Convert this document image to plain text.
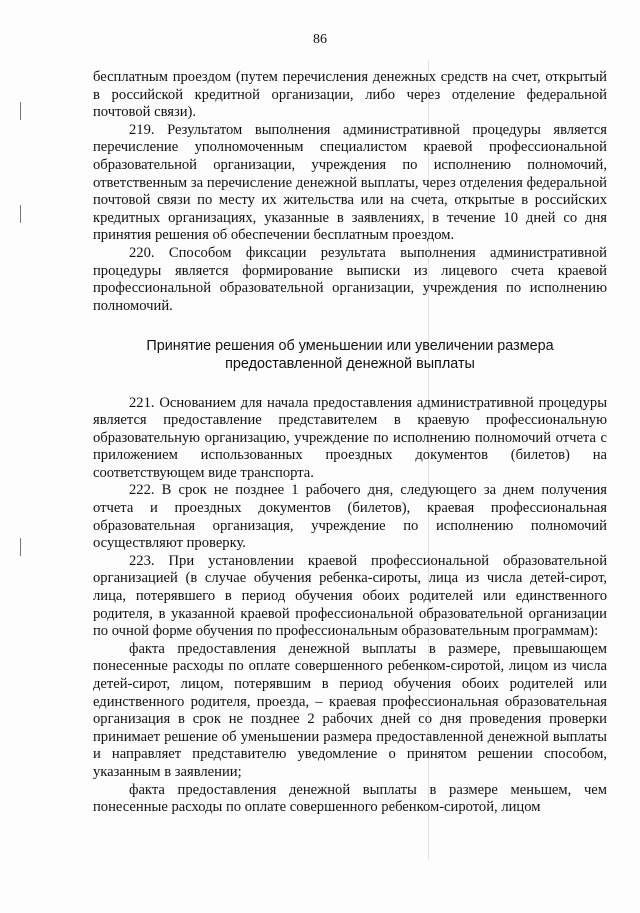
86

бесплатным проездом (путем перечисления денежных средств на счет, открытый в российской кредитной организации, либо через отделение федеральной почтовой связи).

219. Результатом выполнения административной процедуры является перечисление уполномоченным специалистом краевой профессиональной образовательной организации, учреждения по исполнению полномочий, ответственным за перечисление денежной выплаты, через отделения федеральной почтовой связи по месту их жительства или на счета, открытые в российских кредитных организациях, указанные в заявлениях, в течение 10 дней со дня принятия решения об обеспечении бесплатным проездом.

220. Способом фиксации результата выполнения административной процедуры является формирование выписки из лицевого счета краевой профессиональной образовательной организации, учреждения по исполнению полномочий.

Принятие решения об уменьшении или увеличении размера предоставленной денежной выплаты

221. Основанием для начала предоставления административной процедуры является предоставление представителем в краевую профессиональную образовательную организацию, учреждение по исполнению полномочий отчета с приложением использованных проездных документов (билетов) на соответствующем виде транспорта.

222. В срок не позднее 1 рабочего дня, следующего за днем получения отчета и проездных документов (билетов), краевая профессиональная образовательная организация, учреждение по исполнению полномочий осуществляют проверку.

223. При установлении краевой профессиональной образовательной организацией (в случае обучения ребенка-сироты, лица из числа детей-сирот, лица, потерявшего в период обучения обоих родителей или единственного родителя, в указанной краевой профессиональной образовательной организации по очной форме обучения по профессиональным образовательным программам):

факта предоставления денежной выплаты в размере, превышающем понесенные расходы по оплате совершенного ребенком-сиротой, лицом из числа детей-сирот, лицом, потерявшим в период обучения обоих родителей или единственного родителя, проезда, – краевая профессиональная образовательная организация в срок не позднее 2 рабочих дней со дня проведения проверки принимает решение об уменьшении размера предоставленной денежной выплаты и направляет представителю уведомление о принятом решении способом, указанным в заявлении;

факта предоставления денежной выплаты в размере меньшем, чем понесенные расходы по оплате совершенного ребенком-сиротой, лицом
